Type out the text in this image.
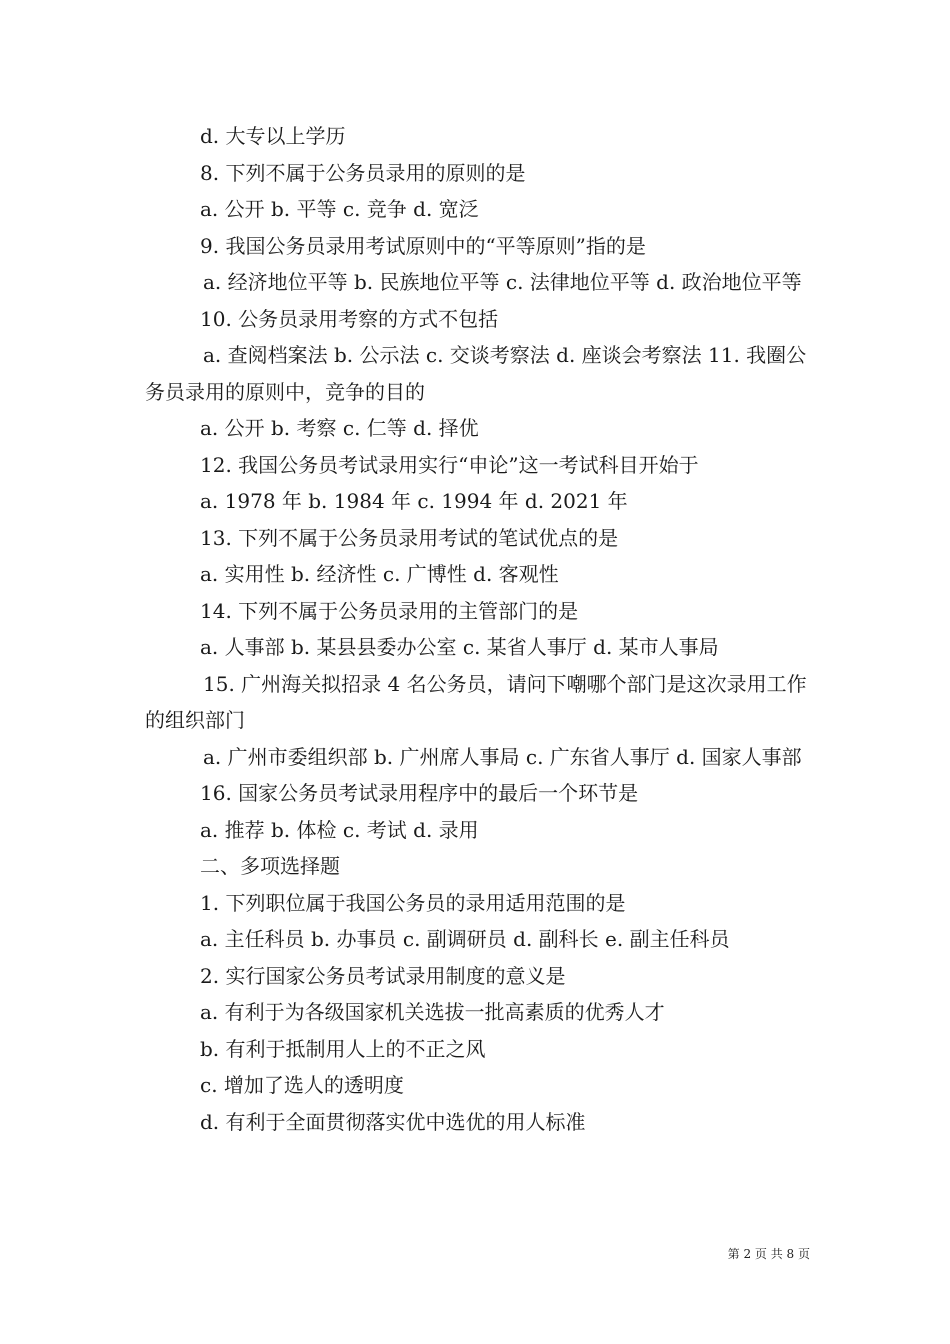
d. 大专以上学历
8. 下列不属于公务员录用的原则的是
a. 公开 b. 平等 c. 竞争 d. 宽泛
9. 我国公务员录用考试原则中的“平等原则”指的是
a. 经济地位平等 b. 民族地位平等 c. 法律地位平等 d. 政治地位平等
10. 公务员录用考察的方式不包括
a. 查阅档案法 b. 公示法 c. 交谈考察法 d. 座谈会考察法 11. 我圈公务员录用的原则中，竞争的目的
a. 公开 b. 考察 c. 仁等 d. 择优
12. 我国公务员考试录用实行“申论”这一考试科目开始于
a. 1978 年 b. 1984 年 c. 1994 年 d. 2021 年
13. 下列不属于公务员录用考试的笔试优点的是
a. 实用性 b. 经济性 c. 广博性 d. 客观性
14. 下列不属于公务员录用的主管部门的是
a. 人事部 b. 某县县委办公室 c. 某省人事厅 d. 某市人事局
15. 广州海关拟招录 4 名公务员，请问下嘲哪个部门是这次录用工作的组织部门
a. 广州市委组织部 b. 广州席人事局 c. 广东省人事厅 d. 国家人事部
16. 国家公务员考试录用程序中的最后一个环节是
a. 推荐 b. 体检 c. 考试 d. 录用
二、多项选择题
1. 下列职位属于我国公务员的录用适用范围的是
a. 主任科员 b. 办事员 c. 副调研员 d. 副科长 e. 副主任科员
2. 实行国家公务员考试录用制度的意义是
a. 有利于为各级国家机关选拔一批高素质的优秀人才
b. 有利于抵制用人上的不正之风
c. 增加了选人的透明度
d. 有利于全面贯彻落实优中选优的用人标准
第 2 页 共 8 页
